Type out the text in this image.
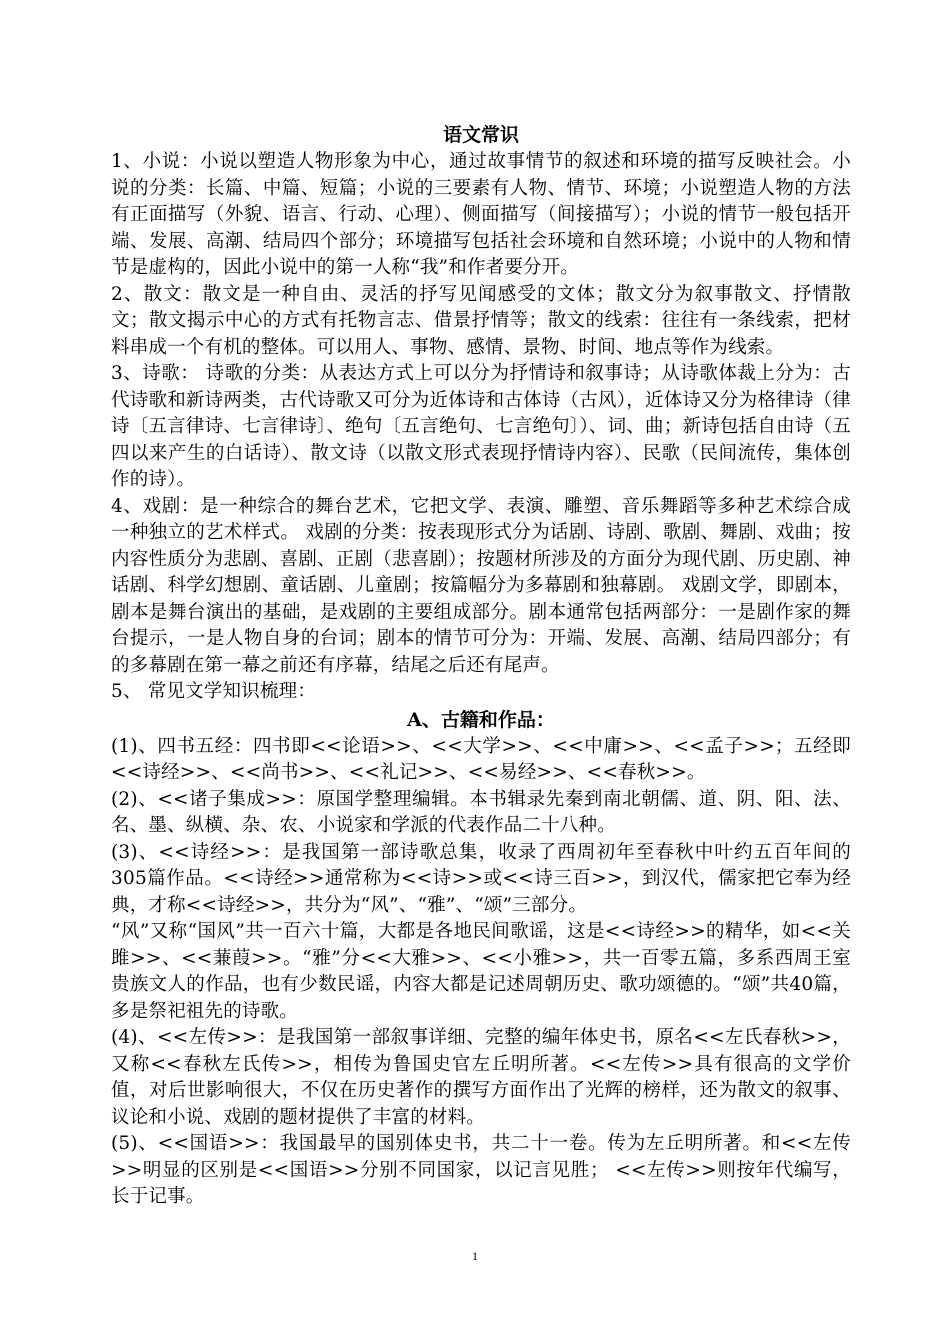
语文常识

1、小说：小说以塑造人物形象为中心，通过故事情节的叙述和环境的描写反映社会。小说的分类：长篇、中篇、短篇；小说的三要素有人物、情节、环境；小说塑造人物的方法有正面描写（外貌、语言、行动、心理）、侧面描写（间接描写）；小说的情节一般包括开端、发展、高潮、结局四个部分；环境描写包括社会环境和自然环境；小说中的人物和情节是虚构的，因此小说中的第一人称“我”和作者要分开。

2、散文：散文是一种自由、灵活的抒写见闻感受的文体；散文分为叙事散文、抒情散文；散文揭示中心的方式有托物言志、借景抒情等；散文的线索：往往有一条线索，把材料串成一个有机的整体。可以用人、事物、感情、景物、时间、地点等作为线索。

3、诗歌： 诗歌的分类：从表达方式上可以分为抒情诗和叙事诗；从诗歌体裁上分为：古代诗歌和新诗两类，古代诗歌又可分为近体诗和古体诗（古风），近体诗又分为格律诗（律诗〔五言律诗、七言律诗〕、绝句〔五言绝句、七言绝句〕）、词、曲；新诗包括自由诗（五四以来产生的白话诗）、散文诗（以散文形式表现抒情诗内容）、民歌（民间流传，集体创作的诗）。

4、戏剧：是一种综合的舞台艺术，它把文学、表演、雕塑、音乐舞蹈等多种艺术综合成一种独立的艺术样式。 戏剧的分类：按表现形式分为话剧、诗剧、歌剧、舞剧、戏曲；按内容性质分为悲剧、喜剧、正剧（悲喜剧）；按题材所涉及的方面分为现代剧、历史剧、神话剧、科学幻想剧、童话剧、儿童剧；按篇幅分为多幕剧和独幕剧。 戏剧文学，即剧本，剧本是舞台演出的基础，是戏剧的主要组成部分。剧本通常包括两部分：一是剧作家的舞台提示，一是人物自身的台词；剧本的情节可分为：开端、发展、高潮、结局四部分；有的多幕剧在第一幕之前还有序幕，结尾之后还有尾声。

5、 常见文学知识梳理：

A、古籍和作品：

(1)、四书五经：四书即<<论语>>、<<大学>>、<<中庸>>、<<孟子>>；五经即<<诗经>>、<<尚书>>、<<礼记>>、<<易经>>、<<春秋>>。

(2)、<<诸子集成>>：原国学整理编辑。本书辑录先秦到南北朝儒、道、阴、阳、法、名、墨、纵横、杂、农、小说家和学派的代表作品二十八种。

(3)、<<诗经>>：是我国第一部诗歌总集，收录了西周初年至春秋中叶约五百年间的305篇作品。<<诗经>>通常称为<<诗>>或<<诗三百>>，到汉代，儒家把它奉为经典，才称<<诗经>>，共分为“风”、“雅”、“颂”三部分。

“风”又称“国风”共一百六十篇，大都是各地民间歌谣，这是<<诗经>>的精华，如<<关雎>>、<<蒹葭>>。“雅”分<<大雅>>、<<小雅>>，共一百零五篇，多系西周王室贵族文人的作品，也有少数民谣，内容大都是记述周朝历史、歌功颂德的。“颂”共40篇，多是祭祀祖先的诗歌。

(4)、<<左传>>：是我国第一部叙事详细、完整的编年体史书，原名<<左氏春秋>>，又称<<春秋左氏传>>，相传为鲁国史官左丘明所著。<<左传>>具有很高的文学价值，对后世影响很大，不仅在历史著作的撰写方面作出了光辉的榜样，还为散文的叙事、议论和小说、戏剧的题材提供了丰富的材料。

(5)、<<国语>>：我国最早的国别体史书，共二十一卷。传为左丘明所著。和<<左传>>明显的区别是<<国语>>分别不同国家，以记言见胜； <<左传>>则按年代编写，长于记事。

1
